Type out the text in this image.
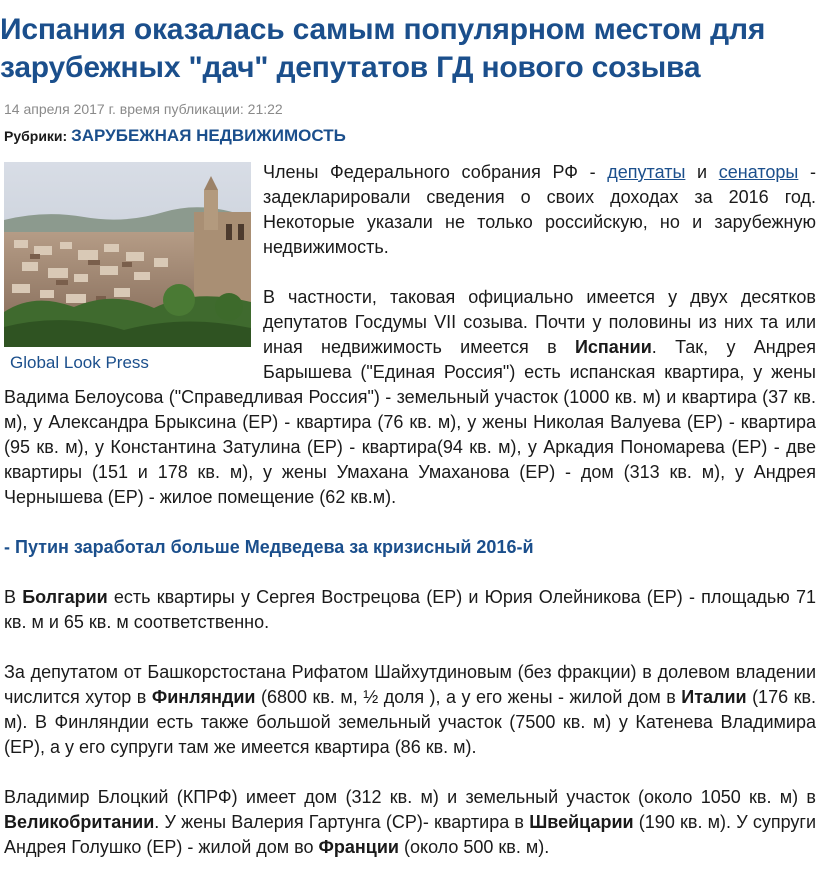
Испания оказалась самым популярном местом для зарубежных "дач" депутатов ГД нового созыва
14 апреля 2017 г. время публикации: 21:22
Рубрики: ЗАРУБЕЖНАЯ НЕДВИЖИМОСТЬ
Global Look Press

Члены Федерального собрания РФ - депутаты и сенаторы - задекларировали сведения о своих доходах за 2016 год. Некоторые указали не только российскую, но и зарубежную недвижимость.

В частности, таковая официально имеется у двух десятков депутатов Госдумы VII созыва. Почти у половины из них та или иная недвижимость имеется в Испании. Так, у Андрея Барышева ("Единая Россия") есть испанская квартира, у жены Вадима Белоусова ("Справедливая Россия") - земельный участок (1000 кв. м) и квартира (37 кв. м), у Александра Брыксина (ЕР) - квартира (76 кв. м), у жены Николая Валуева (ЕР) - квартира (95 кв. м), у Константина Затулина (ЕР) - квартира(94 кв. м), у Аркадия Пономарева (ЕР) - две квартиры (151 и 178 кв. м), у жены Умахана Умаханова (ЕР) - дом (313 кв. м), у Андрея Чернышева (ЕР) - жилое помещение (62 кв.м).

- Путин заработал больше Медведева за кризисный 2016-й

В Болгарии есть квартиры у Сергея Вострецова (ЕР) и Юрия Олейникова (ЕР) - площадью 71 кв. м и 65 кв. м соответственно.

За депутатом от Башкорстостана Рифатом Шайхутдиновым (без фракции) в долевом владении числится хутор в Финляндии (6800 кв. м, ½ доля ), а у его жены - жилой дом в Италии (176 кв. м). В Финляндии есть также большой земельный участок (7500 кв. м) у Катенева Владимира (ЕР), а у его супруги там же имеется квартира (86 кв. м).

Владимир Блоцкий (КПРФ) имеет дом (312 кв. м) и земельный участок (около 1050 кв. м) в Великобритании. У жены Валерия Гартунга (СР)- квартира в Швейцарии (190 кв. м). У супруги Андрея Голушко (ЕР) - жилой дом во Франции (около 500 кв. м).
